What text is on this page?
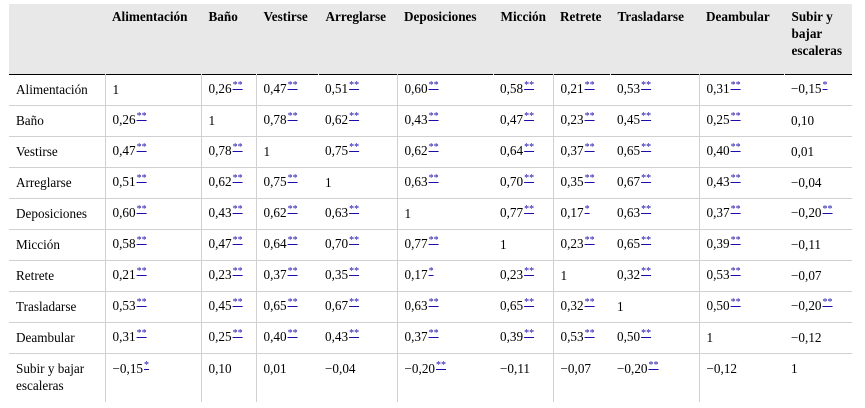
	Alimentación	Baño	Vestirse	Arreglarse	Deposiciones	Micción	Retrete	Trasladarse	Deambular	Subir y bajar escaleras
Alimentación	1	0,26**	0,47**	0,51**	0,60**	0,58**	0,21**	0,53**	0,31**	−0,15*
Baño	0,26**	1	0,78**	0,62**	0,43**	0,47**	0,23**	0,45**	0,25**	0,10
Vestirse	0,47**	0,78**	1	0,75**	0,62**	0,64**	0,37**	0,65**	0,40**	0,01
Arreglarse	0,51**	0,62**	0,75**	1	0,63**	0,70**	0,35**	0,67**	0,43**	−0,04
Deposiciones	0,60**	0,43**	0,62**	0,63**	1	0,77**	0,17*	0,63**	0,37**	−0,20**
Micción	0,58**	0,47**	0,64**	0,70**	0,77**	1	0,23**	0,65**	0,39**	−0,11
Retrete	0,21**	0,23**	0,37**	0,35**	0,17*	0,23**	1	0,32**	0,53**	−0,07
Trasladarse	0,53**	0,45**	0,65**	0,67**	0,63**	0,65**	0,32**	1	0,50**	−0,20**
Deambular	0,31**	0,25**	0,40**	0,43**	0,37**	0,39**	0,53**	0,50**	1	−0,12
Subir y bajar escaleras	−0,15*	0,10	0,01	−0,04	−0,20**	−0,11	−0,07	−0,20**	−0,12	1
